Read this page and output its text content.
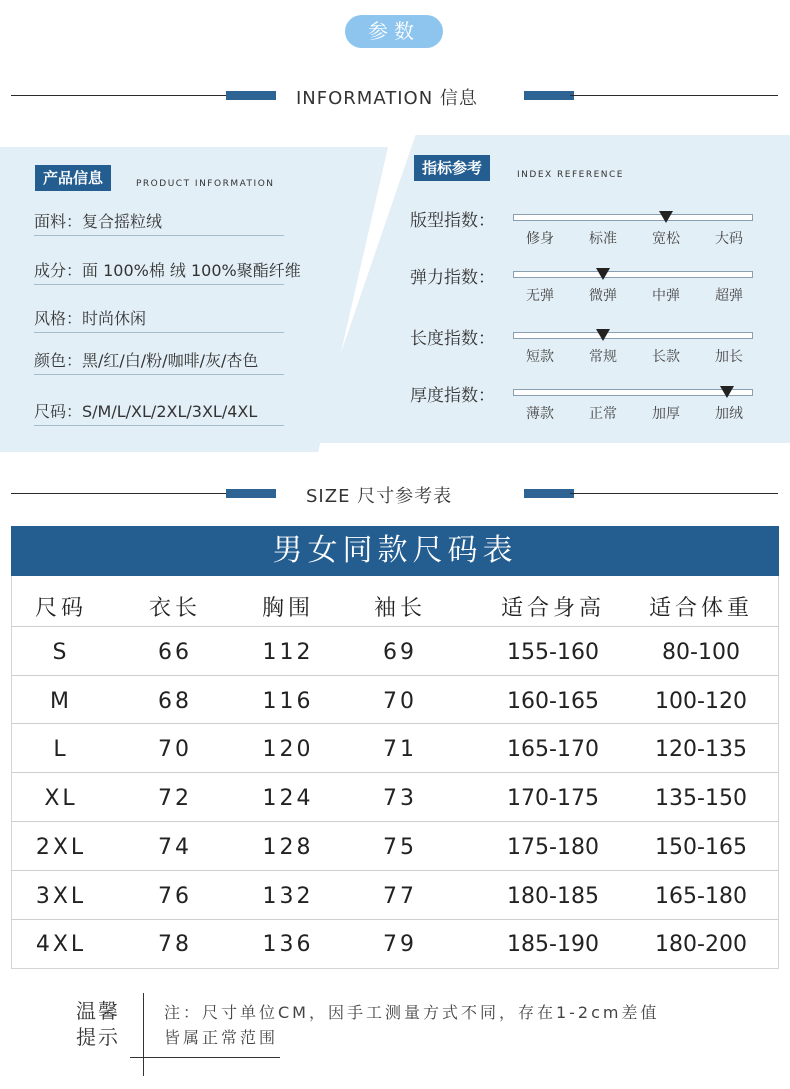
参数
INFORMATION 信息
产品信息	PRODUCT INFORMATION
面料：复合摇粒绒
成分：面 100%棉 绒 100%聚酯纤维
风格：时尚休闲
颜色：黑/红/白/粉/咖啡/灰/杏色
尺码：S/M/L/XL/2XL/3XL/4XL
指标参考	INDEX REFERENCE
版型指数：
修身	标准	宽松	大码
弹力指数：
无弹	微弹	中弹	超弹
长度指数：
短款	常规	长款	加长
厚度指数：
薄款	正常	加厚	加绒
SIZE 尺寸参考表
男女同款尺码表
尺码	衣长	胸围	袖长	适合身高	适合体重
S	66	112	69	155-160	80-100
M	68	116	70	160-165	100-120
L	70	120	71	165-170	120-135
XL	72	124	73	170-175	135-150
2XL	74	128	75	175-180	150-165
3XL	76	132	77	180-185	165-180
4XL	78	136	79	185-190	180-200
温馨
提示
注：尺寸单位CM，因手工测量方式不同，存在1-2cm差值
皆属正常范围
